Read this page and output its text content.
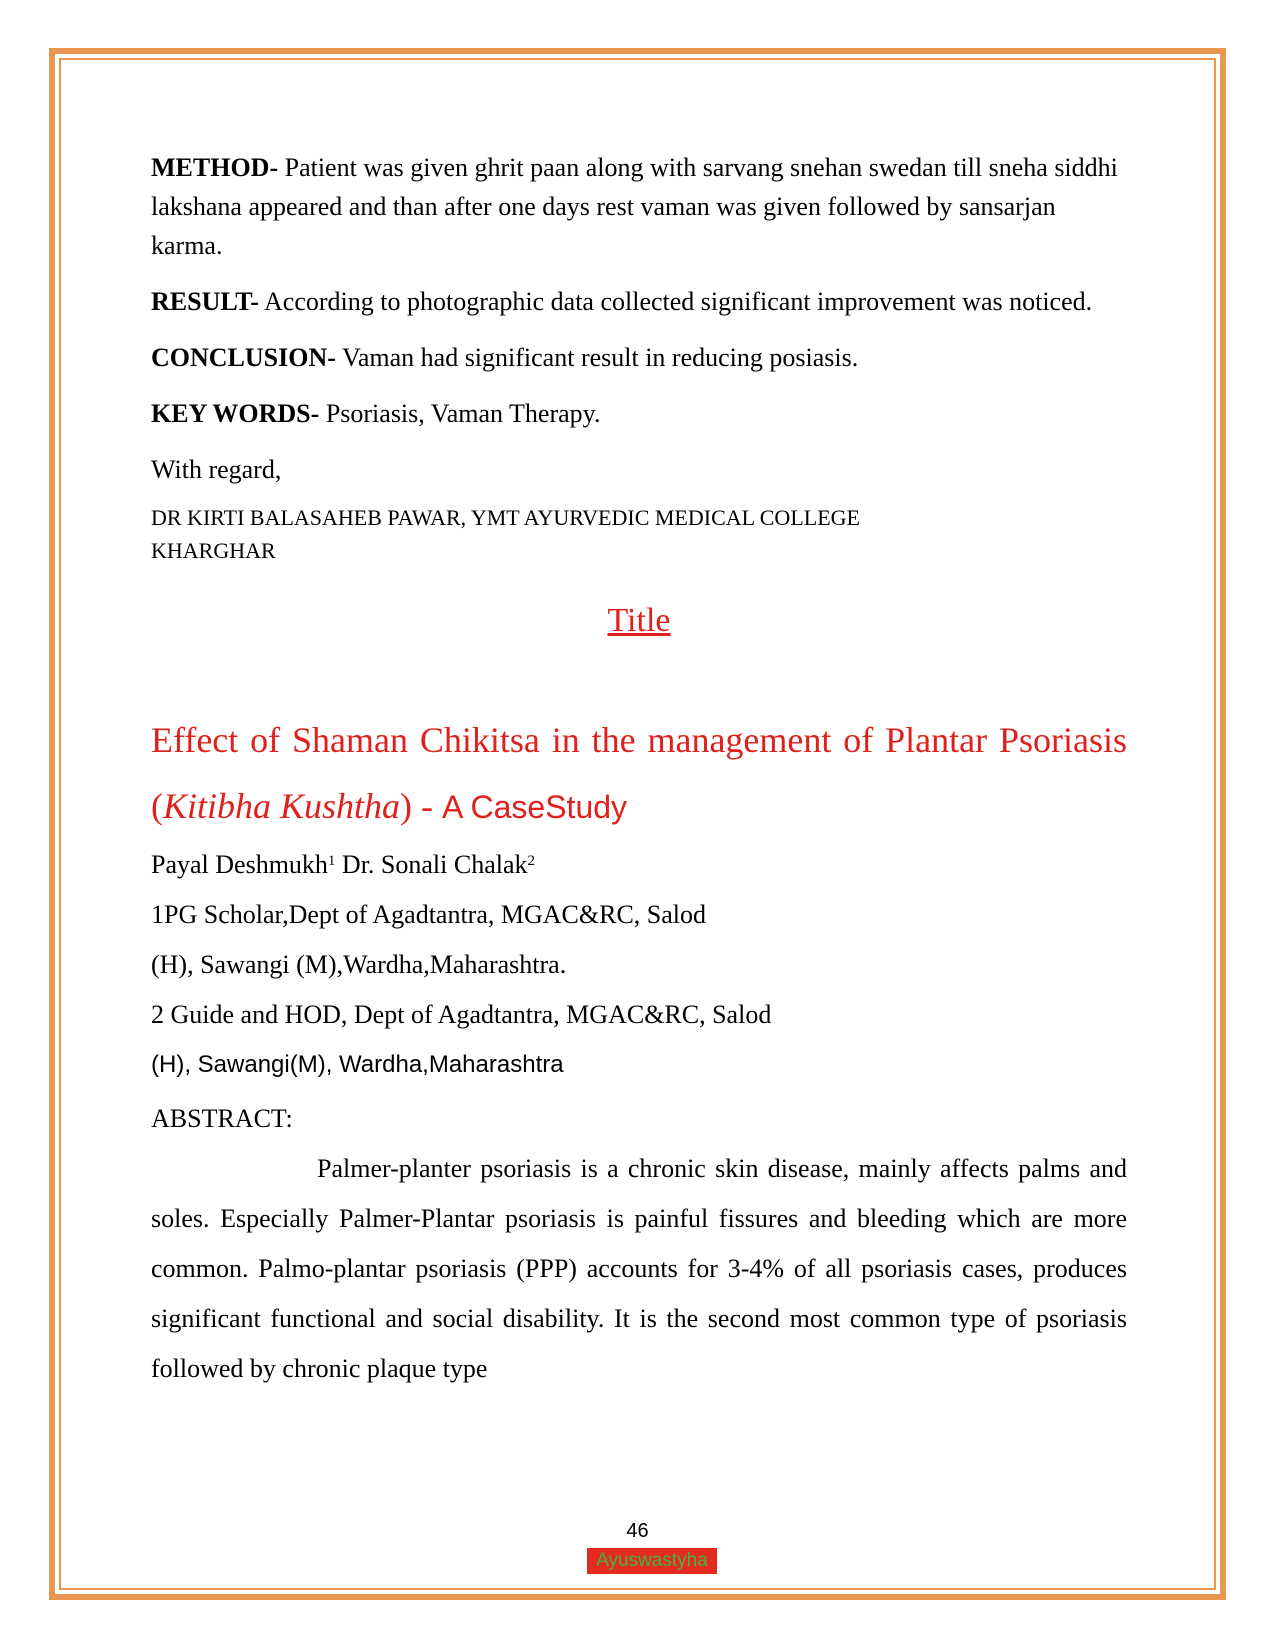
METHOD- Patient was given ghrit paan along with sarvang snehan swedan till sneha siddhi lakshana appeared and than after one days rest vaman was given followed by sansarjan karma.

RESULT- According to photographic data collected significant improvement was noticed.

CONCLUSION- Vaman had significant result in reducing posiasis.

KEY WORDS- Psoriasis, Vaman Therapy.

With regard,

DR KIRTI BALASAHEB PAWAR, YMT AYURVEDIC MEDICAL COLLEGE

KHARGHAR

Title

Effect of Shaman Chikitsa in the management of Plantar Psoriasis (Kitibha Kushtha) - A CaseStudy

Payal Deshmukh$^1$ Dr. Sonali Chalak$^2$

1PG Scholar,Dept of Agadtantra, MGAC&RC, Salod

(H), Sawangi (M),Wardha,Maharashtra.

2 Guide and HOD, Dept of Agadtantra, MGAC&RC, Salod

(H), Sawangi(M), Wardha,Maharashtra

ABSTRACT:

Palmer-planter psoriasis is a chronic skin disease, mainly affects palms and soles. Especially Palmer-Plantar psoriasis is painful fissures and bleeding which are more common. Palmo-plantar psoriasis (PPP) accounts for 3-4% of all psoriasis cases, produces significant functional and social disability. It is the second most common type of psoriasis followed by chronic plaque type

46
Ayuswastyha
